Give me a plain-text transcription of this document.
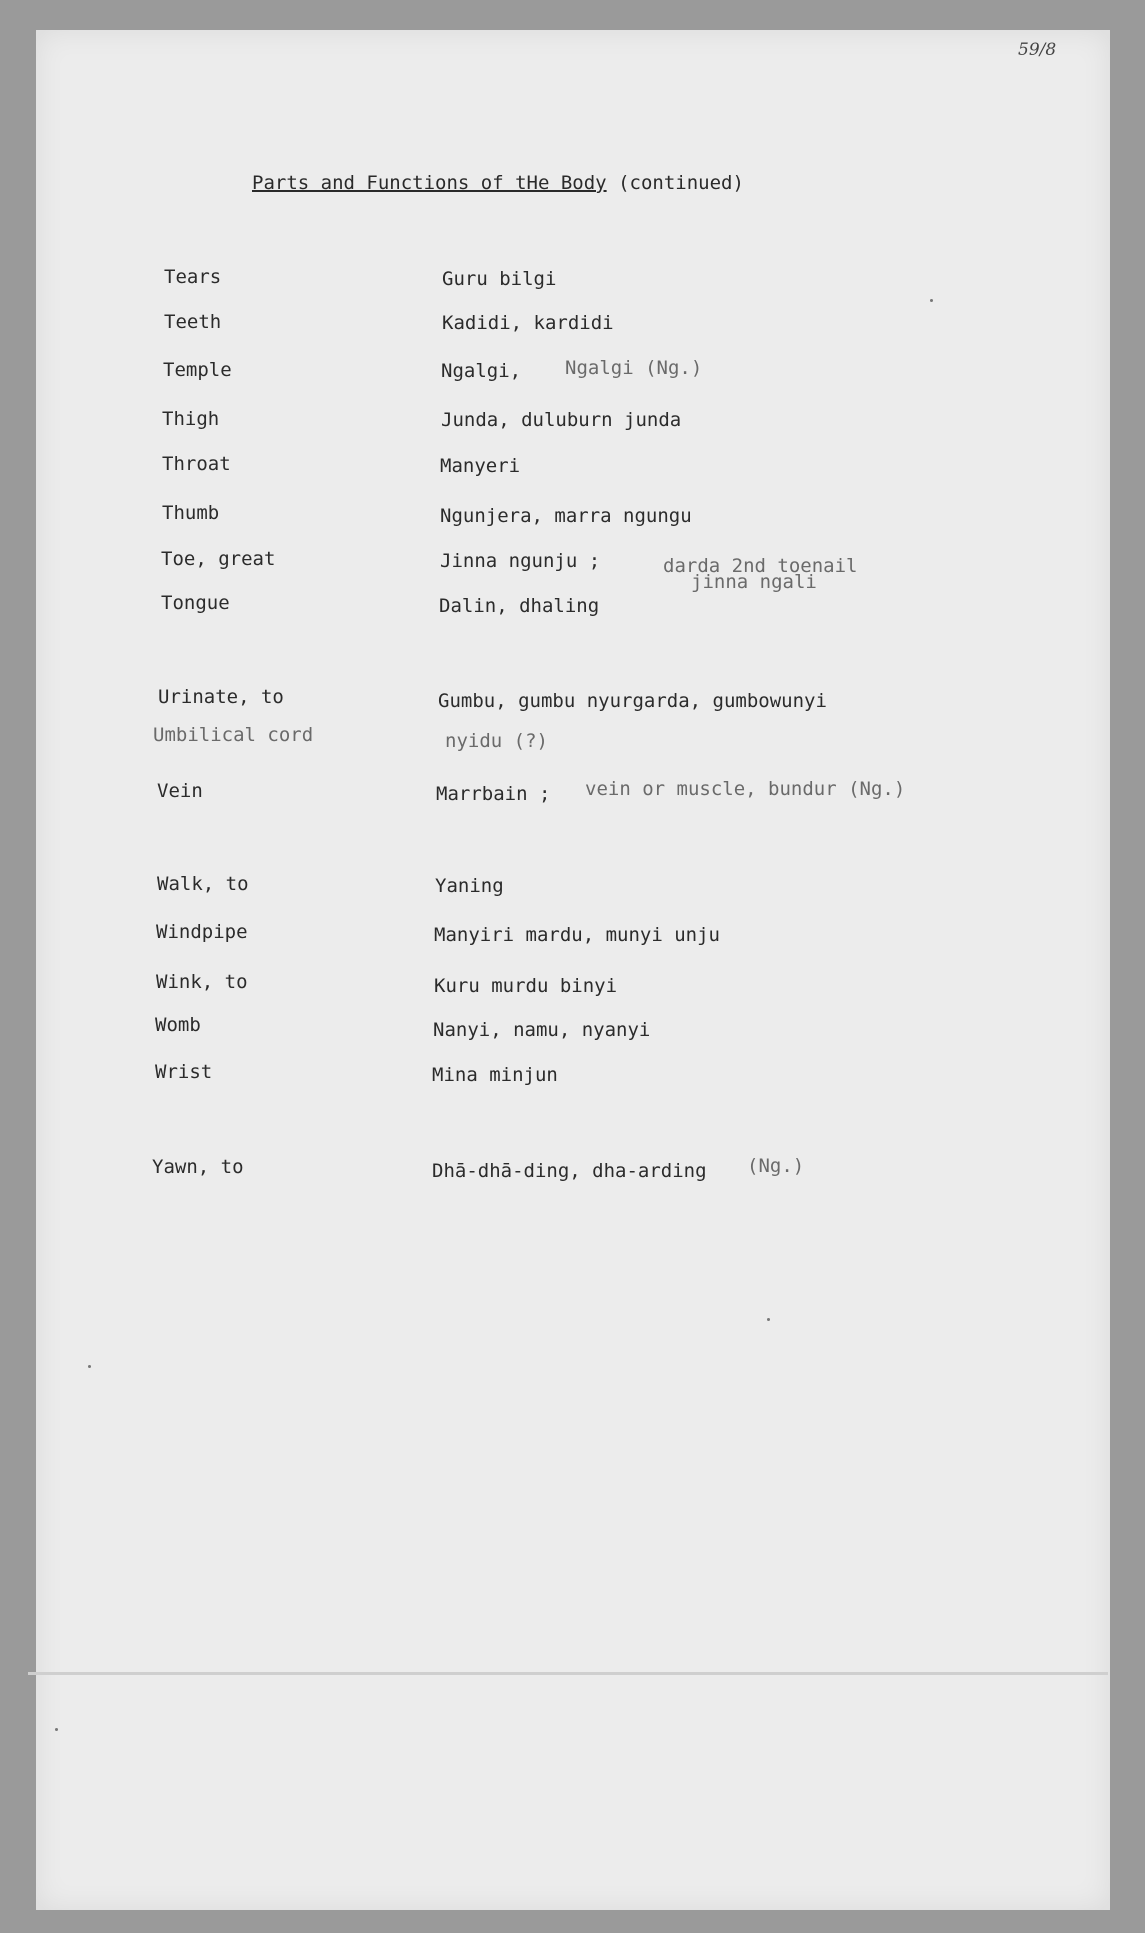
59/8
Parts and Functions of tHe Body (continued)
Tears	Guru bilgi
Teeth	Kadidi, kardidi
Temple	Ngalgi, Ngalgi (Ng.)
Thigh	Junda, duluburn junda
Throat	Manyeri
Thumb	Ngunjera, marra ngungu
Toe, great	Jinna ngunju ;	darda 2nd toenail
jinna ngali
Tongue	Dalin, dhaling
Urinate, to	Gumbu, gumbu nyurgarda, gumbowunyi
Umbilical cord	nyidu (?)
Vein	Marrbain ; vein or muscle, bundur (Ng.)
Walk, to	Yaning
Windpipe	Manyiri mardu, munyi unju
Wink, to	Kuru murdu binyi
Womb	Nanyi, namu, nyanyi
Wrist	Mina minjun
Yawn, to	Dhā-dhā-ding, dha-arding (Ng.)
